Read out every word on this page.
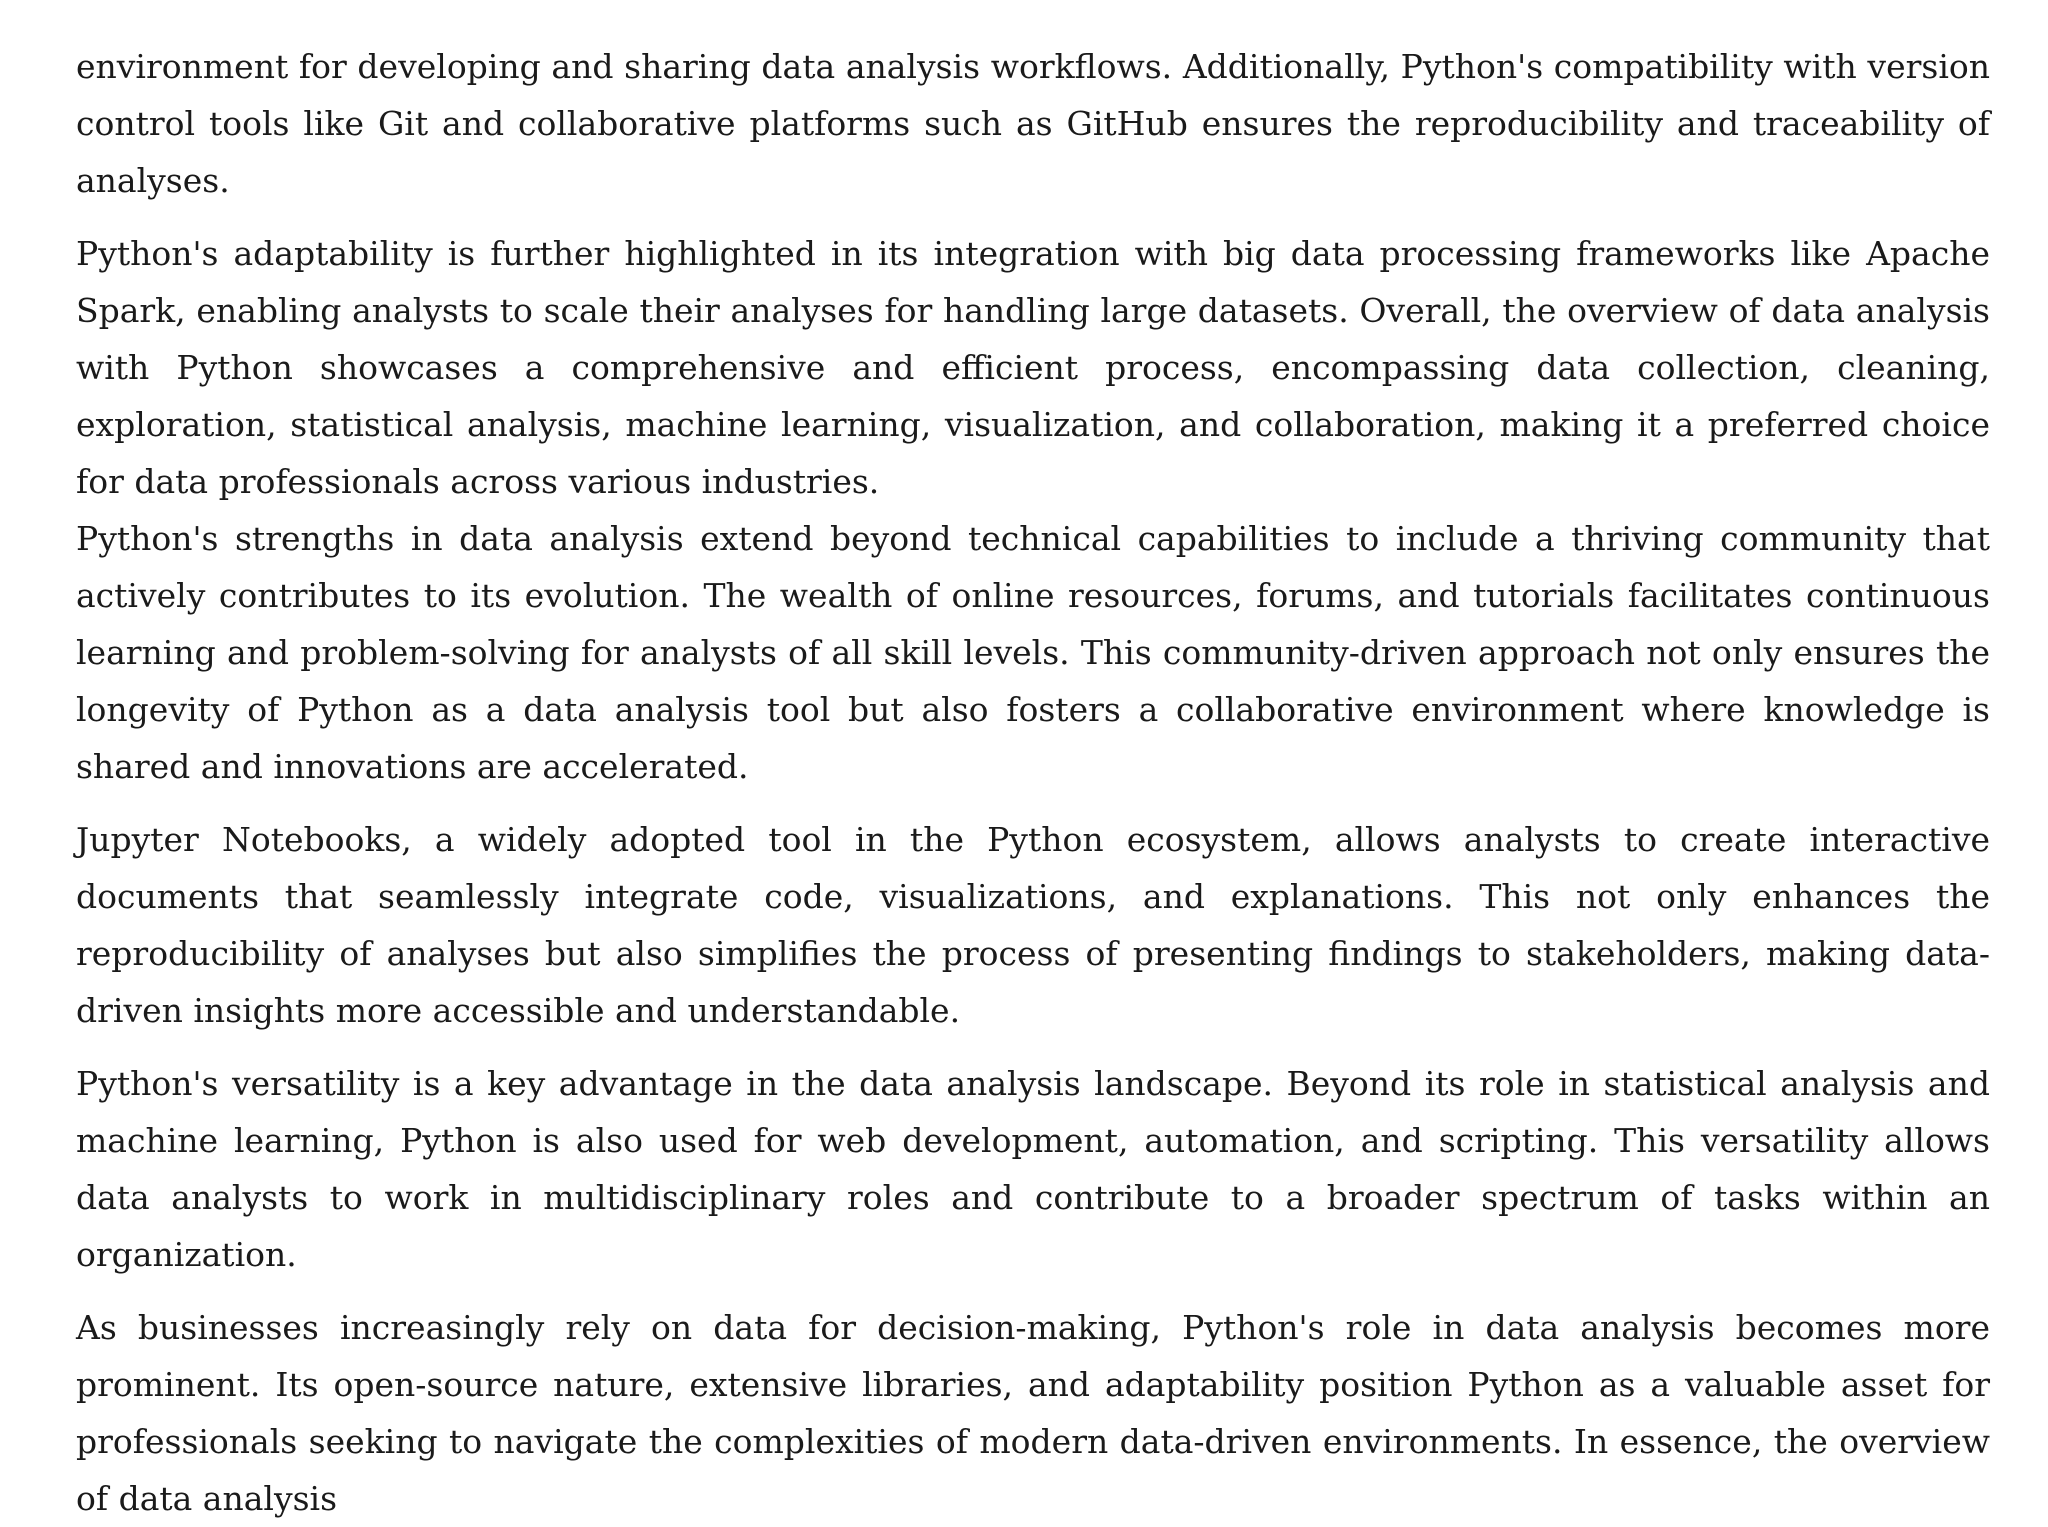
environment for developing and sharing data analysis workflows. Additionally, Python's compatibility with version control tools like Git and collaborative platforms such as GitHub ensures the reproducibility and traceability of analyses.

Python's adaptability is further highlighted in its integration with big data processing frameworks like Apache Spark, enabling analysts to scale their analyses for handling large datasets. Overall, the overview of data analysis with Python showcases a comprehensive and efficient process, encompassing data collection, cleaning, exploration, statistical analysis, machine learning, visualization, and collaboration, making it a preferred choice for data professionals across various industries.

Python's strengths in data analysis extend beyond technical capabilities to include a thriving community that actively contributes to its evolution. The wealth of online resources, forums, and tutorials facilitates continuous learning and problem-solving for analysts of all skill levels. This community-driven approach not only ensures the longevity of Python as a data analysis tool but also fosters a collaborative environment where knowledge is shared and innovations are accelerated.

Jupyter Notebooks, a widely adopted tool in the Python ecosystem, allows analysts to create interactive documents that seamlessly integrate code, visualizations, and explanations. This not only enhances the reproducibility of analyses but also simplifies the process of presenting findings to stakeholders, making data-driven insights more accessible and understandable.

Python's versatility is a key advantage in the data analysis landscape. Beyond its role in statistical analysis and machine learning, Python is also used for web development, automation, and scripting. This versatility allows data analysts to work in multidisciplinary roles and contribute to a broader spectrum of tasks within an organization.

As businesses increasingly rely on data for decision-making, Python's role in data analysis becomes more prominent. Its open-source nature, extensive libraries, and adaptability position Python as a valuable asset for professionals seeking to navigate the complexities of modern data-driven environments. In essence, the overview of data analysis
